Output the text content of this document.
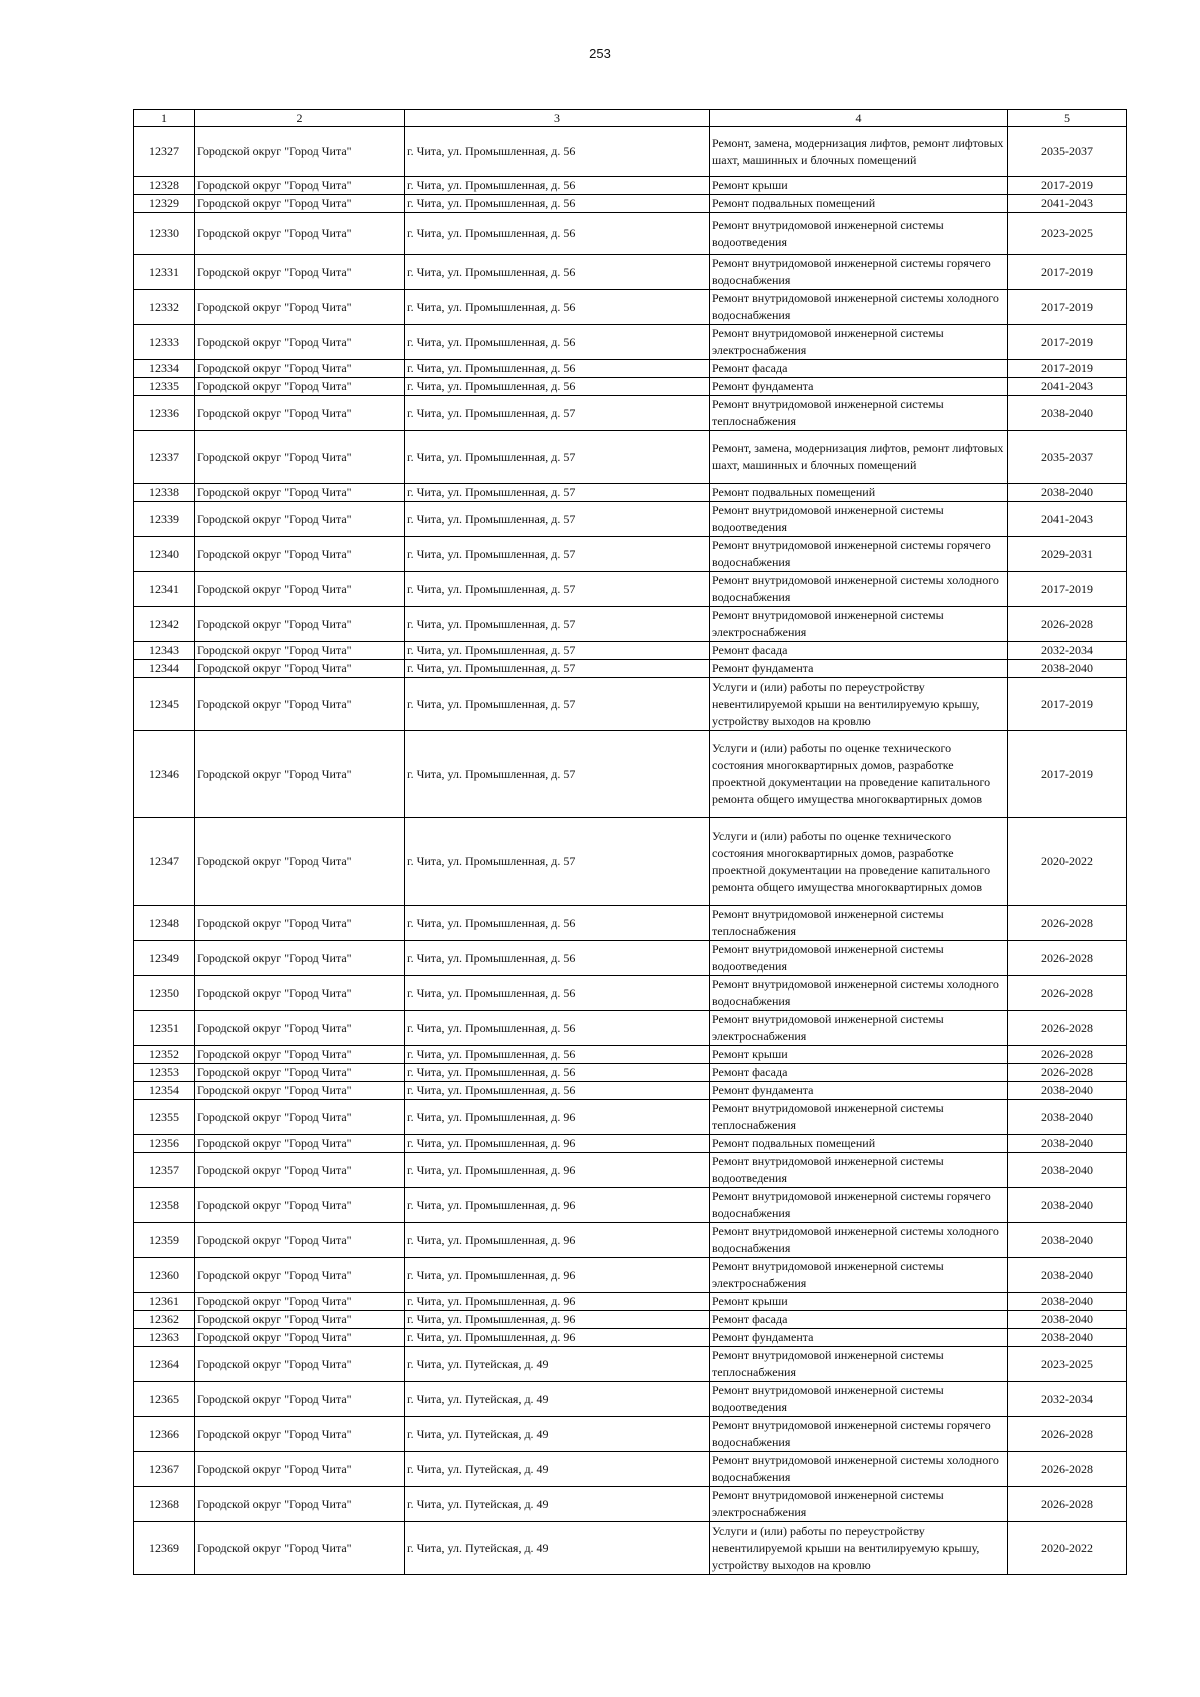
253
1	2	3	4	5
12327	Городской округ "Город Чита"	г. Чита, ул. Промышленная, д. 56	Ремонт, замена, модернизация лифтов, ремонт лифтовых шахт, машинных и блочных помещений	2035-2037
12328	Городской округ "Город Чита"	г. Чита, ул. Промышленная, д. 56	Ремонт крыши	2017-2019
12329	Городской округ "Город Чита"	г. Чита, ул. Промышленная, д. 56	Ремонт подвальных помещений	2041-2043
12330	Городской округ "Город Чита"	г. Чита, ул. Промышленная, д. 56	Ремонт внутридомовой инженерной системы водоотведения	2023-2025
12331	Городской округ "Город Чита"	г. Чита, ул. Промышленная, д. 56	Ремонт внутридомовой инженерной системы горячего водоснабжения	2017-2019
12332	Городской округ "Город Чита"	г. Чита, ул. Промышленная, д. 56	Ремонт внутридомовой инженерной системы холодного водоснабжения	2017-2019
12333	Городской округ "Город Чита"	г. Чита, ул. Промышленная, д. 56	Ремонт внутридомовой инженерной системы электроснабжения	2017-2019
12334	Городской округ "Город Чита"	г. Чита, ул. Промышленная, д. 56	Ремонт фасада	2017-2019
12335	Городской округ "Город Чита"	г. Чита, ул. Промышленная, д. 56	Ремонт фундамента	2041-2043
12336	Городской округ "Город Чита"	г. Чита, ул. Промышленная, д. 57	Ремонт внутридомовой инженерной системы теплоснабжения	2038-2040
12337	Городской округ "Город Чита"	г. Чита, ул. Промышленная, д. 57	Ремонт, замена, модернизация лифтов, ремонт лифтовых шахт, машинных и блочных помещений	2035-2037
12338	Городской округ "Город Чита"	г. Чита, ул. Промышленная, д. 57	Ремонт подвальных помещений	2038-2040
12339	Городской округ "Город Чита"	г. Чита, ул. Промышленная, д. 57	Ремонт внутридомовой инженерной системы водоотведения	2041-2043
12340	Городской округ "Город Чита"	г. Чита, ул. Промышленная, д. 57	Ремонт внутридомовой инженерной системы горячего водоснабжения	2029-2031
12341	Городской округ "Город Чита"	г. Чита, ул. Промышленная, д. 57	Ремонт внутридомовой инженерной системы холодного водоснабжения	2017-2019
12342	Городской округ "Город Чита"	г. Чита, ул. Промышленная, д. 57	Ремонт внутридомовой инженерной системы электроснабжения	2026-2028
12343	Городской округ "Город Чита"	г. Чита, ул. Промышленная, д. 57	Ремонт фасада	2032-2034
12344	Городской округ "Город Чита"	г. Чита, ул. Промышленная, д. 57	Ремонт фундамента	2038-2040
12345	Городской округ "Город Чита"	г. Чита, ул. Промышленная, д. 57	Услуги и (или) работы по переустройству невентилируемой крыши на вентилируемую крышу, устройству выходов на кровлю	2017-2019
12346	Городской округ "Город Чита"	г. Чита, ул. Промышленная, д. 57	Услуги и (или) работы по оценке технического состояния многоквартирных домов, разработке проектной документации на проведение капитального ремонта общего имущества многоквартирных домов	2017-2019
12347	Городской округ "Город Чита"	г. Чита, ул. Промышленная, д. 57	Услуги и (или) работы по оценке технического состояния многоквартирных домов, разработке проектной документации на проведение капитального ремонта общего имущества многоквартирных домов	2020-2022
12348	Городской округ "Город Чита"	г. Чита, ул. Промышленная, д. 56	Ремонт внутридомовой инженерной системы теплоснабжения	2026-2028
12349	Городской округ "Город Чита"	г. Чита, ул. Промышленная, д. 56	Ремонт внутридомовой инженерной системы водоотведения	2026-2028
12350	Городской округ "Город Чита"	г. Чита, ул. Промышленная, д. 56	Ремонт внутридомовой инженерной системы холодного водоснабжения	2026-2028
12351	Городской округ "Город Чита"	г. Чита, ул. Промышленная, д. 56	Ремонт внутридомовой инженерной системы электроснабжения	2026-2028
12352	Городской округ "Город Чита"	г. Чита, ул. Промышленная, д. 56	Ремонт крыши	2026-2028
12353	Городской округ "Город Чита"	г. Чита, ул. Промышленная, д. 56	Ремонт фасада	2026-2028
12354	Городской округ "Город Чита"	г. Чита, ул. Промышленная, д. 56	Ремонт фундамента	2038-2040
12355	Городской округ "Город Чита"	г. Чита, ул. Промышленная, д. 96	Ремонт внутридомовой инженерной системы теплоснабжения	2038-2040
12356	Городской округ "Город Чита"	г. Чита, ул. Промышленная, д. 96	Ремонт подвальных помещений	2038-2040
12357	Городской округ "Город Чита"	г. Чита, ул. Промышленная, д. 96	Ремонт внутридомовой инженерной системы водоотведения	2038-2040
12358	Городской округ "Город Чита"	г. Чита, ул. Промышленная, д. 96	Ремонт внутридомовой инженерной системы горячего водоснабжения	2038-2040
12359	Городской округ "Город Чита"	г. Чита, ул. Промышленная, д. 96	Ремонт внутридомовой инженерной системы холодного водоснабжения	2038-2040
12360	Городской округ "Город Чита"	г. Чита, ул. Промышленная, д. 96	Ремонт внутридомовой инженерной системы электроснабжения	2038-2040
12361	Городской округ "Город Чита"	г. Чита, ул. Промышленная, д. 96	Ремонт крыши	2038-2040
12362	Городской округ "Город Чита"	г. Чита, ул. Промышленная, д. 96	Ремонт фасада	2038-2040
12363	Городской округ "Город Чита"	г. Чита, ул. Промышленная, д. 96	Ремонт фундамента	2038-2040
12364	Городской округ "Город Чита"	г. Чита, ул. Путейская, д. 49	Ремонт внутридомовой инженерной системы теплоснабжения	2023-2025
12365	Городской округ "Город Чита"	г. Чита, ул. Путейская, д. 49	Ремонт внутридомовой инженерной системы водоотведения	2032-2034
12366	Городской округ "Город Чита"	г. Чита, ул. Путейская, д. 49	Ремонт внутридомовой инженерной системы горячего водоснабжения	2026-2028
12367	Городской округ "Город Чита"	г. Чита, ул. Путейская, д. 49	Ремонт внутридомовой инженерной системы холодного водоснабжения	2026-2028
12368	Городской округ "Город Чита"	г. Чита, ул. Путейская, д. 49	Ремонт внутридомовой инженерной системы электроснабжения	2026-2028
12369	Городской округ "Город Чита"	г. Чита, ул. Путейская, д. 49	Услуги и (или) работы по переустройству невентилируемой крыши на вентилируемую крышу, устройству выходов на кровлю	2020-2022
